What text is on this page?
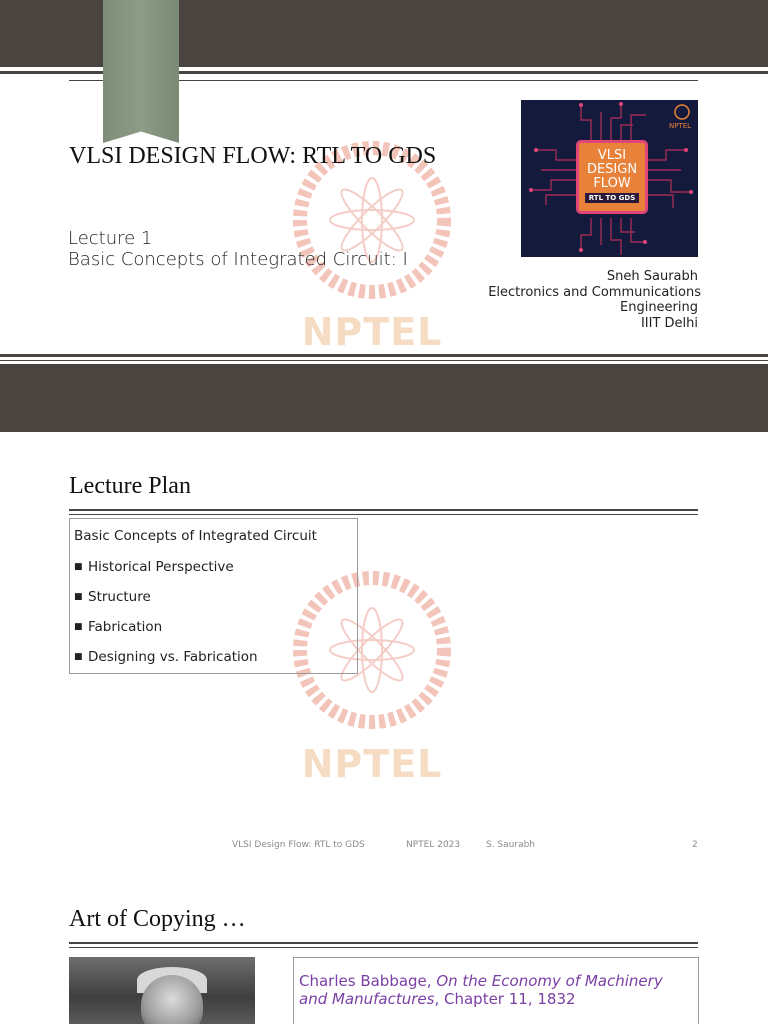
NPTEL
VLSI DESIGN FLOW: RTL TO GDS
Lecture 1
Basic Concepts of Integrated Circuit: I
NPTEL
VLSI
DESIGN
FLOW
RTL TO GDS
Sneh Saurabh
Electronics and Communications
Engineering
IIIT Delhi
Lecture Plan
NPTEL
Basic Concepts of Integrated Circuit
■ Historical Perspective
■ Structure
■ Fabrication
■ Designing vs. Fabrication
VLSI Design Flow: RTL to GDS	NPTEL 2023	S. Saurabh	2
Art of Copying …
Charles Babbage, On the Economy of Machinery and Manufactures, Chapter 11, 1832
